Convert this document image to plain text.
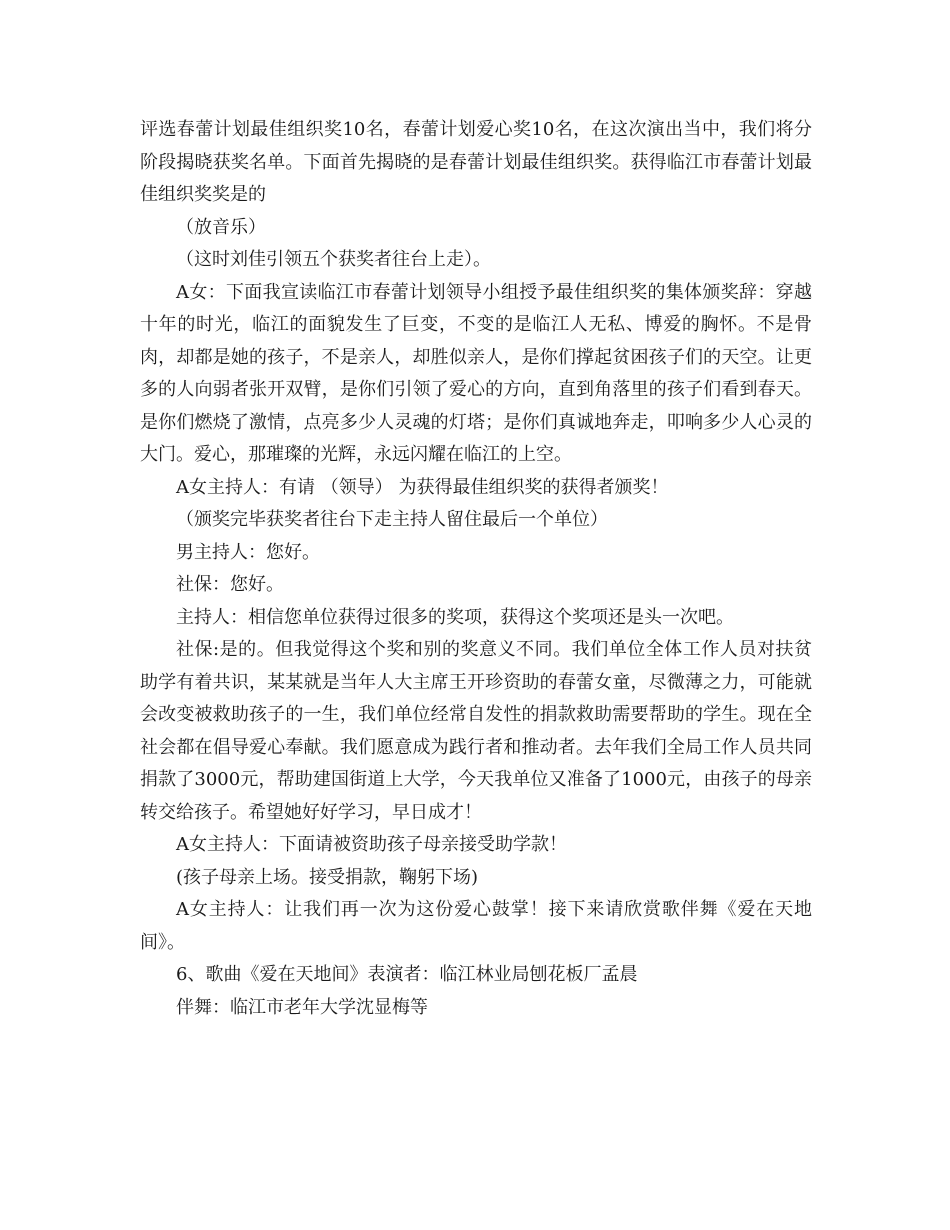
评选春蕾计划最佳组织奖10名，春蕾计划爱心奖10名，在这次演出当中，我们将分阶段揭晓获奖名单。下面首先揭晓的是春蕾计划最佳组织奖。获得临江市春蕾计划最佳组织奖奖是的

（放音乐）

（这时刘佳引领五个获奖者往台上走）。

A女：下面我宣读临江市春蕾计划领导小组授予最佳组织奖的集体颁奖辞：穿越十年的时光，临江的面貌发生了巨变，不变的是临江人无私、博爱的胸怀。不是骨肉，却都是她的孩子，不是亲人，却胜似亲人，是你们撑起贫困孩子们的天空。让更多的人向弱者张开双臂，是你们引领了爱心的方向，直到角落里的孩子们看到春天。是你们燃烧了激情，点亮多少人灵魂的灯塔；是你们真诚地奔走，叩响多少人心灵的大门。爱心，那璀璨的光辉，永远闪耀在临江的上空。

A女主持人：有请 （领导） 为获得最佳组织奖的获得者颁奖！

（颁奖完毕获奖者往台下走主持人留住最后一个单位）

男主持人：您好。

社保：您好。

主持人：相信您单位获得过很多的奖项，获得这个奖项还是头一次吧。

社保:是的。但我觉得这个奖和别的奖意义不同。我们单位全体工作人员对扶贫助学有着共识，某某就是当年人大主席王开珍资助的春蕾女童，尽微薄之力，可能就会改变被救助孩子的一生，我们单位经常自发性的捐款救助需要帮助的学生。现在全社会都在倡导爱心奉献。我们愿意成为践行者和推动者。去年我们全局工作人员共同捐款了3000元，帮助建国街道上大学，今天我单位又准备了1000元，由孩子的母亲转交给孩子。希望她好好学习，早日成才！

A女主持人：下面请被资助孩子母亲接受助学款！

(孩子母亲上场。接受捐款，鞠躬下场)

A女主持人：让我们再一次为这份爱心鼓掌！接下来请欣赏歌伴舞《爱在天地间》。

6、歌曲《爱在天地间》表演者：临江林业局刨花板厂孟晨

伴舞：临江市老年大学沈显梅等
